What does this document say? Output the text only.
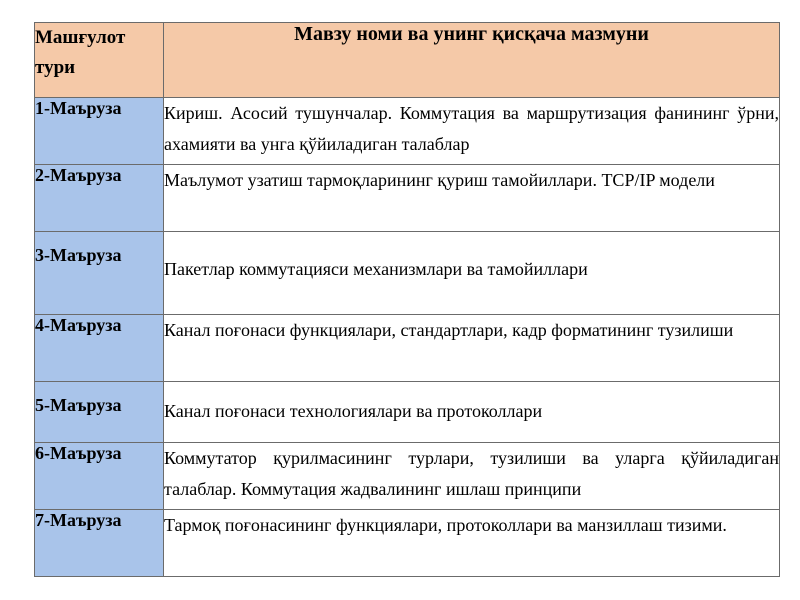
Машғулот тури	Мавзу номи ва унинг қисқача мазмуни
1-Маъруза	Кириш. Асосий тушунчалар. Коммутация ва маршрутизация фанининг ўрни, ахамияти ва унга қўйиладиган талаблар
2-Маъруза	Маълумот узатиш тармоқларининг қуриш тамойиллари. TCP/IP модели
3-Маъруза	Пакетлар коммутацияси механизмлари ва тамойиллари
4-Маъруза	Канал поғонаси функциялари, стандартлари, кадр форматининг тузилиши
5-Маъруза	Канал поғонаси технологиялари ва протоколлари
6-Маъруза	Коммутатор қурилмасининг турлари, тузилиши ва уларга қўйиладиган талаблар. Коммутация жадвалининг ишлаш принципи
7-Маъруза	Тармоқ поғонасининг функциялари, протоколлари ва манзиллаш тизими.
